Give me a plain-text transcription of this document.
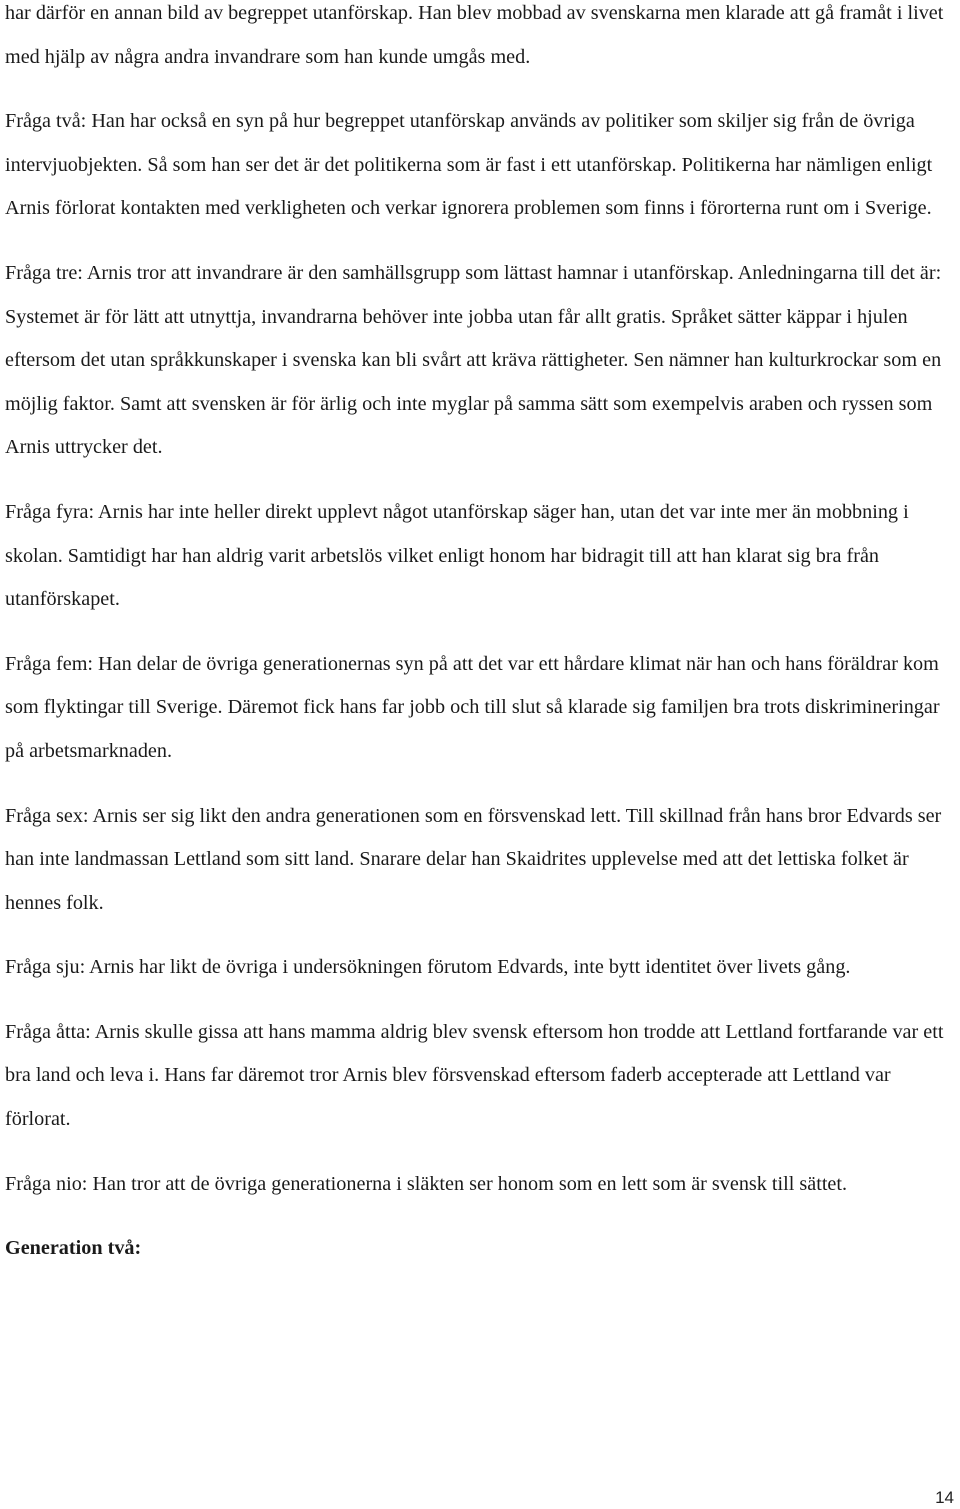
har därför en annan bild av begreppet utanförskap. Han blev mobbad av svenskarna men klarade att gå framåt i livet med hjälp av några andra invandrare som han kunde umgås med.

Fråga två: Han har också en syn på hur begreppet utanförskap används av politiker som skiljer sig från de övriga intervjuobjekten. Så som han ser det är det politikerna som är fast i ett utanförskap. Politikerna har nämligen enligt Arnis förlorat kontakten med verkligheten och verkar ignorera problemen som finns i förorterna runt om i Sverige.

Fråga tre: Arnis tror att invandrare är den samhällsgrupp som lättast hamnar i utanförskap. Anledningarna till det är: Systemet är för lätt att utnyttja, invandrarna behöver inte jobba utan får allt gratis. Språket sätter käppar i hjulen eftersom det utan språkkunskaper i svenska kan bli svårt att kräva rättigheter. Sen nämner han kulturkrockar som en möjlig faktor. Samt att svensken är för ärlig och inte myglar på samma sätt som exempelvis araben och ryssen som Arnis uttrycker det.

Fråga fyra: Arnis har inte heller direkt upplevt något utanförskap säger han, utan det var inte mer än mobbning i skolan. Samtidigt har han aldrig varit arbetslös vilket enligt honom har bidragit till att han klarat sig bra från utanförskapet.

Fråga fem: Han delar de övriga generationernas syn på att det var ett hårdare klimat när han och hans föräldrar kom som flyktingar till Sverige. Däremot fick hans far jobb och till slut så klarade sig familjen bra trots diskrimineringar på arbetsmarknaden.

Fråga sex: Arnis ser sig likt den andra generationen som en försvenskad lett. Till skillnad från hans bror Edvards ser han inte landmassan Lettland som sitt land. Snarare delar han Skaidrites upplevelse med att det lettiska folket är hennes folk.

Fråga sju: Arnis har likt de övriga i undersökningen förutom Edvards, inte bytt identitet över livets gång.

Fråga åtta: Arnis skulle gissa att hans mamma aldrig blev svensk eftersom hon trodde att Lettland fortfarande var ett bra land och leva i. Hans far däremot tror Arnis blev försvenskad eftersom faderb accepterade att Lettland var förlorat.

Fråga nio: Han tror att de övriga generationerna i släkten ser honom som en lett som är svensk till sättet.

Generation två:

14
